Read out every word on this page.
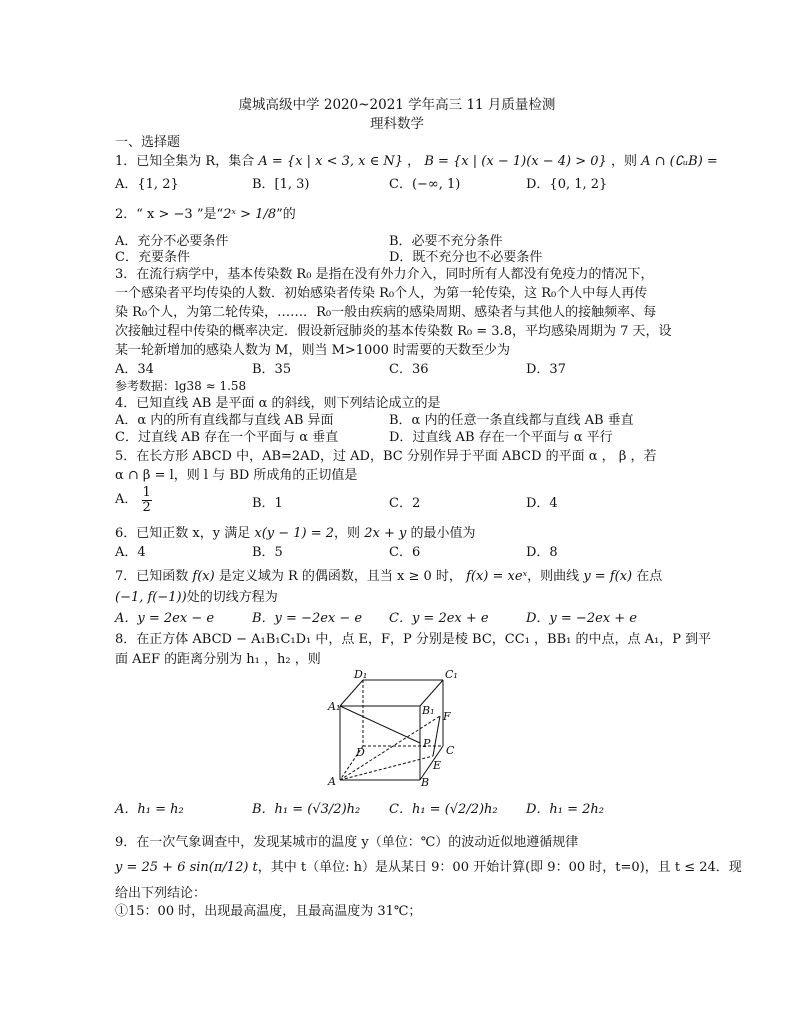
虞城高级中学 2020~2021 学年高三 11 月质量检测
理科数学
一、选择题
1．已知全集为 R，集合 A = {x | x < 3, x ∈ N} ， B = {x | (x − 1)(x − 4) > 0} ，则 A ∩ (∁ᵤB) =
A．{1, 2}	B．[1, 3)	C．(−∞, 1)	D．{0, 1, 2}
2．“ x > −3 ”是“2ˣ > 1/8”的
A．充分不必要条件	B．必要不充分条件
C．充要条件	D．既不充分也不必要条件
3．在流行病学中，基本传染数 R₀ 是指在没有外力介入，同时所有人都没有免疫力的情况下，
一个感染者平均传染的人数．初始感染者传染 R₀个人，为第一轮传染，这 R₀个人中每人再传
染 R₀个人，为第二轮传染，……．R₀一般由疾病的感染周期、感染者与其他人的接触频率、每
次接触过程中传染的概率决定．假设新冠肺炎的基本传染数 R₀ = 3.8，平均感染周期为 7 天，设
某一轮新增加的感染人数为 M，则当 M>1000 时需要的天数至少为
A．34	B．35	C．36	D．37
参考数据：lg38 ≈ 1.58
4．已知直线 AB 是平面 α 的斜线，则下列结论成立的是
A．α 内的所有直线都与直线 AB 异面	B．α 内的任意一条直线都与直线 AB 垂直
C．过直线 AB 存在一个平面与 α 垂直	D．过直线 AB 存在一个平面与 α 平行
5．在长方形 ABCD 中，AB=2AD，过 AD，BC 分别作异于平面 ABCD 的平面 α ， β ，若
α ∩ β = l，则 l 与 BD 所成角的正切值是
A． $\frac{1}{2}$	B．1	C．2	D．4
6．已知正数 x，y 满足 x(y − 1) = 2，则 2x + y 的最小值为
A．4	B．5	C．6	D．8
7．已知函数 f(x) 是定义域为 R 的偶函数，且当 x ≥ 0 时， f(x) = xeˣ，则曲线 y = f(x) 在点
(−1, f(−1))处的切线方程为
A．y = 2ex − e	B．y = −2ex − e C．y = 2ex + e	D．y = −2ex + e
8．在正方体 ABCD − A₁B₁C₁D₁ 中，点 E，F，P 分别是棱 BC，CC₁ ，BB₁ 的中点，点 A₁，P 到平
面 AEF 的距离分别为 h₁ ，h₂ ，则
D₁	C₁
A₁	B₁ F
P
D	C
A	B
E
A．h₁ = h₂	B．h₁ = (√3/2)h₂ C．h₁ = (√2/2)h₂ D．h₁ = 2h₂
9．在一次气象调查中，发现某城市的温度 y（单位：℃）的波动近似地遵循规律
y = 25 + 6 sin(π/12) t，其中 t（单位: h）是从某日 9：00 开始计算(即 9：00 时，t=0)，且 t ≤ 24．现
给出下列结论：
①15：00 时，出现最高温度，且最高温度为 31℃；
